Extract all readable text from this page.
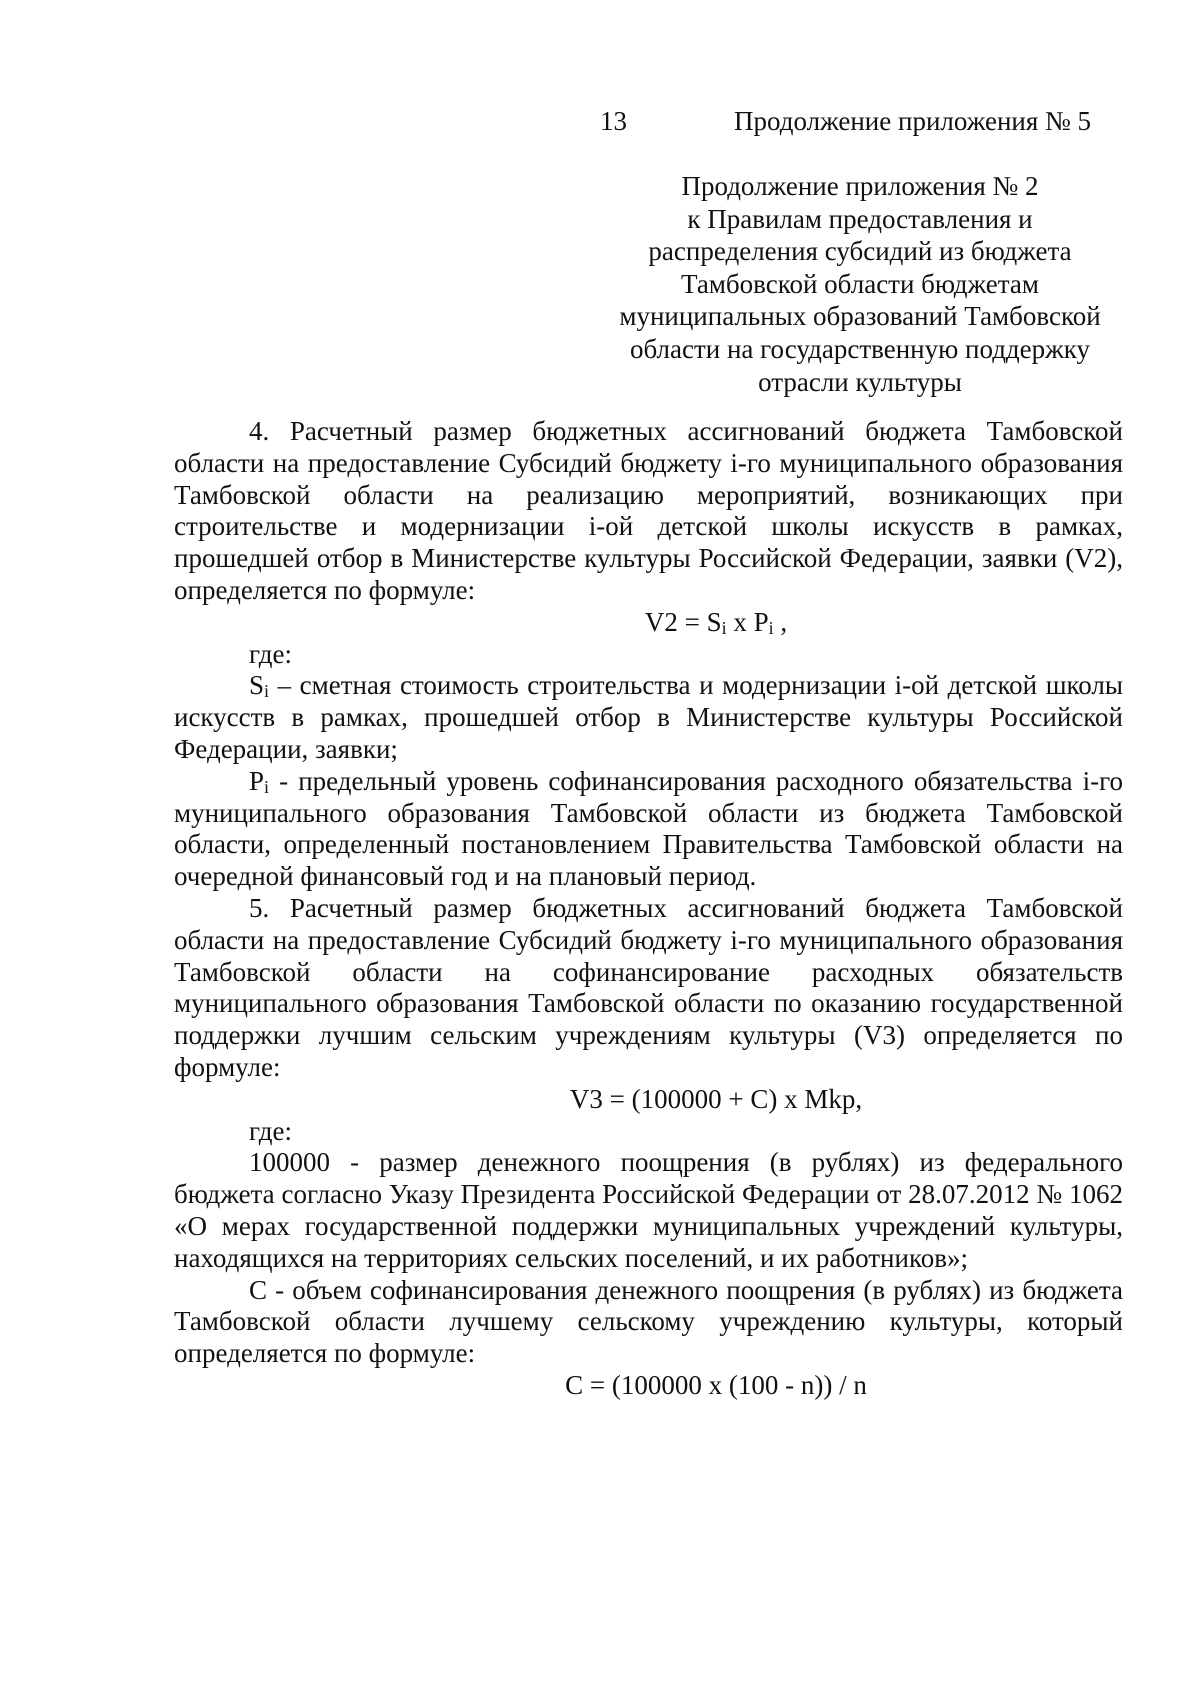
13	Продолжение приложения № 5
Продолжение приложения № 2
к Правилам предоставления и
распределения субсидий из бюджета
Тамбовской области бюджетам
муниципальных образований Тамбовской
области на государственную поддержку
отрасли культуры

4. Расчетный размер бюджетных ассигнований бюджета Тамбовской области на предоставление Субсидий бюджету i-го муниципального образования Тамбовской области на реализацию мероприятий, возникающих при строительстве и модернизации i-ой детской школы искусств в рамках, прошедшей отбор в Министерстве культуры Российской Федерации, заявки (V2), определяется по формуле:

$V2 = S_i$ x $P_i$ ,

где:

$S_i$ – сметная стоимость строительства и модернизации i-ой детской школы искусств в рамках, прошедшей отбор в Министерстве культуры Российской Федерации, заявки;

$P_i$ - предельный уровень софинансирования расходного обязательства i-го муниципального образования Тамбовской области из бюджета Тамбовской области, определенный постановлением Правительства Тамбовской области на очередной финансовый год и на плановый период.

5. Расчетный размер бюджетных ассигнований бюджета Тамбовской области на предоставление Субсидий бюджету i-го муниципального образования Тамбовской области на софинансирование расходных обязательств муниципального образования Тамбовской области по оказанию государственной поддержки лучшим сельским учреждениям культуры (V3) определяется по формуле:

V3 = (100000 + C) x Mkp,

где:

100000 - размер денежного поощрения (в рублях) из федерального бюджета согласно Указу Президента Российской Федерации от 28.07.2012 № 1062 «О мерах государственной поддержки муниципальных учреждений культуры, находящихся на территориях сельских поселений, и их работников»;

C - объем софинансирования денежного поощрения (в рублях) из бюджета Тамбовской области лучшему сельскому учреждению культуры, который определяется по формуле:

C = (100000 x (100 - n)) / n
